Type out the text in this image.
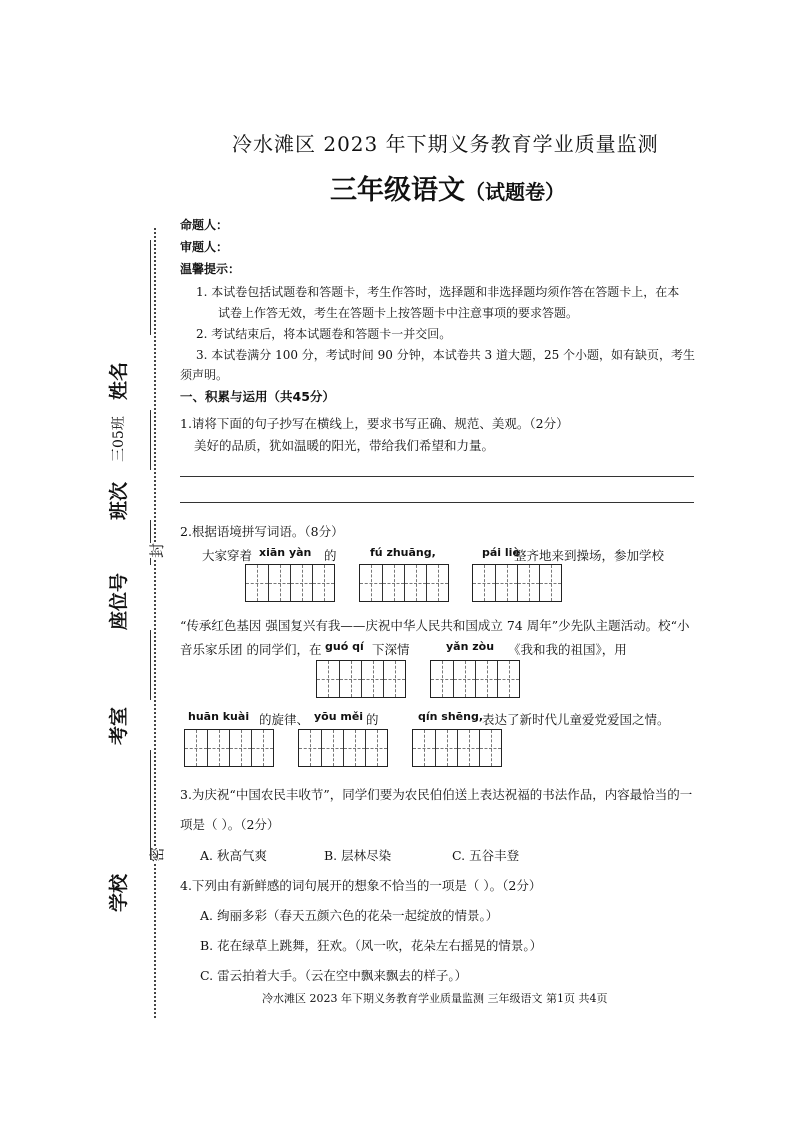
姓名
班次
三05班
座位号
封
考室
密
学校
冷水滩区 2023 年下期义务教育学业质量监测
三年级语文（试题卷）
命题人：
审题人：
温馨提示：
1. 本试卷包括试题卷和答题卡，考生作答时，选择题和非选择题均须作答在答题卡上，在本
试卷上作答无效，考生在答题卡上按答题卡中注意事项的要求答题。
2. 考试结束后，将本试题卷和答题卡一并交回。
3. 本试卷满分 100 分，考试时间 90 分钟，本试卷共 3 道大题，25 个小题，如有缺页，考生
须声明。
一、积累与运用（共45分）
1.请将下面的句子抄写在横线上，要求书写正确、规范、美观。（2分）
美好的品质，犹如温暖的阳光，带给我们希望和力量。
2.根据语境拼写词语。（8分）
大家穿着 xiān yàn 的	fú zhuāng,	pái liè
整齐地来到操场，参加学校
“传承红色基因 强国复兴有我——庆祝中华人民共和国成立 74 周年”少先队主题活动。校“小
音乐家乐团 的同学们，在 guó qí 下深情	yǎn zòu 《我和我的祖国》，用
huān kuài 的旋律、 yōu měi 的	qín shēng,
表达了新时代儿童爱党爱国之情。
3.为庆祝“中国农民丰收节”，同学们要为农民伯伯送上表达祝福的书法作品，内容最恰当的一
项是（ ）。（2分）
A. 秋高气爽	B. 层林尽染	C. 五谷丰登
4.下列由有新鲜感的词句展开的想象不恰当的一项是（ ）。（2分）
A. 绚丽多彩（春天五颜六色的花朵一起绽放的情景。）
B. 花在绿草上跳舞，狂欢。（风一吹，花朵左右摇晃的情景。）
C. 雷云拍着大手。（云在空中飘来飘去的样子。）
冷水滩区 2023 年下期义务教育学业质量监测 三年级语文 第1页 共4页
